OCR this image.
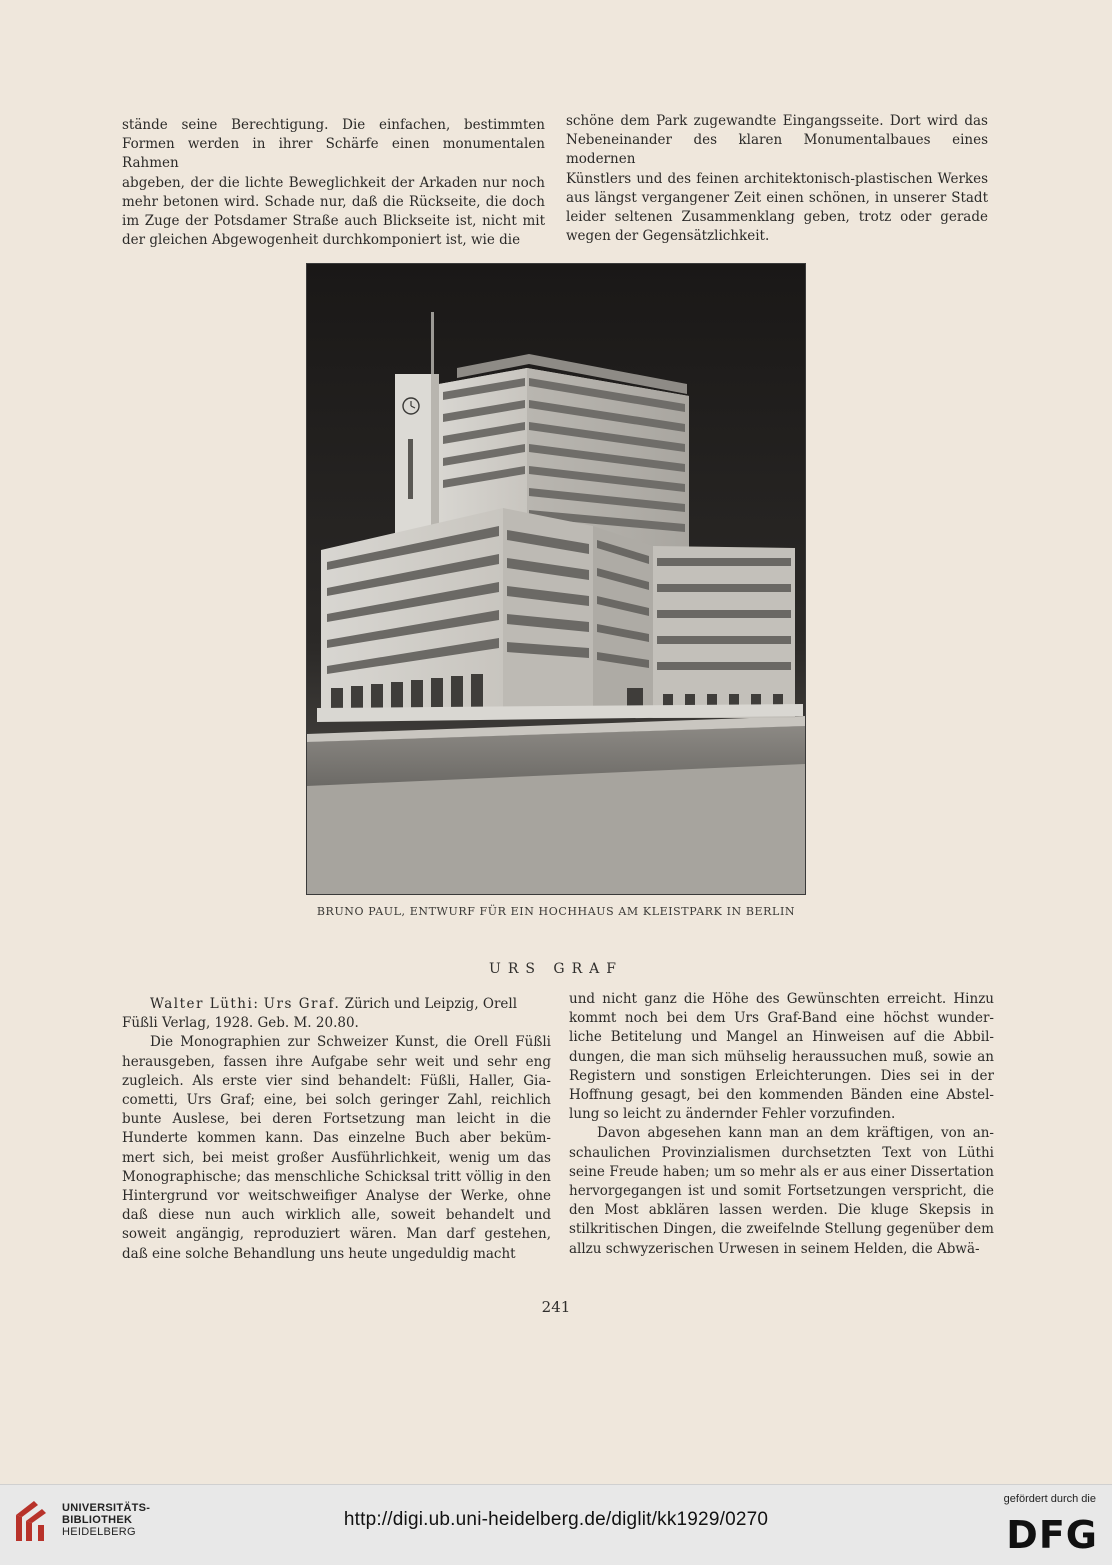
stände seine Berechtigung. Die einfachen, bestimmten
Formen werden in ihrer Schärfe einen monumentalen Rahmen
abgeben, der die lichte Beweglichkeit der Arkaden nur noch
mehr betonen wird. Schade nur, daß die Rückseite, die doch
im Zuge der Potsdamer Straße auch Blickseite ist, nicht mit
der gleichen Abgewogenheit durchkomponiert ist, wie die
schöne dem Park zugewandte Eingangsseite. Dort wird das
Nebeneinander des klaren Monumentalbaues eines modernen
Künstlers und des feinen architektonisch-plastischen Werkes
aus längst vergangener Zeit einen schönen, in unserer Stadt
leider seltenen Zusammenklang geben, trotz oder gerade
wegen der Gegensätzlichkeit.
BRUNO PAUL, ENTWURF FÜR EIN HOCHHAUS AM KLEISTPARK IN BERLIN
URS GRAF

Walter Lüthi: Urs Graf. Zürich und Leipzig, Orell

Füßli Verlag, 1928. Geb. M. 20.80.

Die Monographien zur Schweizer Kunst, die Orell Füßli
herausgeben, fassen ihre Aufgabe sehr weit und sehr eng
zugleich. Als erste vier sind behandelt: Füßli, Haller, Gia-
cometti, Urs Graf; eine, bei solch geringer Zahl, reichlich
bunte Auslese, bei deren Fortsetzung man leicht in die
Hunderte kommen kann. Das einzelne Buch aber beküm-
mert sich, bei meist großer Ausführlichkeit, wenig um das
Monographische; das menschliche Schicksal tritt völlig in den
Hintergrund vor weitschweifiger Analyse der Werke, ohne
daß diese nun auch wirklich alle, soweit behandelt und
soweit angängig, reproduziert wären. Man darf gestehen,
daß eine solche Behandlung uns heute ungeduldig macht
und nicht ganz die Höhe des Gewünschten erreicht. Hinzu
kommt noch bei dem Urs Graf-Band eine höchst wunder-
liche Betitelung und Mangel an Hinweisen auf die Abbil-
dungen, die man sich mühselig heraussuchen muß, sowie an
Registern und sonstigen Erleichterungen. Dies sei in der
Hoffnung gesagt, bei den kommenden Bänden eine Abstel-
lung so leicht zu ändernder Fehler vorzufinden.
Davon abgesehen kann man an dem kräftigen, von an-
schaulichen Provinzialismen durchsetzten Text von Lüthi
seine Freude haben; um so mehr als er aus einer Dissertation
hervorgegangen ist und somit Fortsetzungen verspricht, die
den Most abklären lassen werden. Die kluge Skepsis in
stilkritischen Dingen, die zweifelnde Stellung gegenüber dem
allzu schwyzerischen Urwesen in seinem Helden, die Abwä-
241
UNIVERSITÄTS-
BIBLIOTHEK
HEIDELBERG
http://digi.ub.uni-heidelberg.de/diglit/kk1929/0270
gefördert durch die
DFG
